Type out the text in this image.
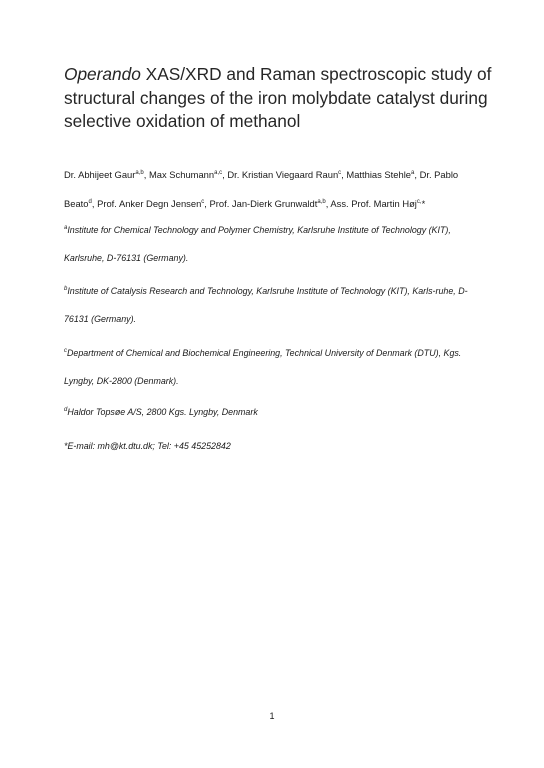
Operando XAS/XRD and Raman spectroscopic study of structural changes of the iron molybdate catalyst during selective oxidation of methanol
Dr. Abhijeet Gaur$^{a,b}$, Max Schumann$^{a,c}$, Dr. Kristian Viegaard Raun$^c$, Matthias Stehle$^a$, Dr. Pablo Beato$^d$, Prof. Anker Degn Jensen$^c$, Prof. Jan-Dierk Grunwaldt$^{a,b}$, Ass. Prof. Martin Høj$^{c,}$*
$^a$Institute for Chemical Technology and Polymer Chemistry, Karlsruhe Institute of Technology (KIT), Karlsruhe, D-76131 (Germany).
$^b$Institute of Catalysis Research and Technology, Karlsruhe Institute of Technology (KIT), Karls-ruhe, D-76131 (Germany).
$^c$Department of Chemical and Biochemical Engineering, Technical University of Denmark (DTU), Kgs. Lyngby, DK-2800 (Denmark).
$^d$Haldor Topsøe A/S, 2800 Kgs. Lyngby, Denmark
*E-mail: mh@kt.dtu.dk; Tel: +45 45252842
1
